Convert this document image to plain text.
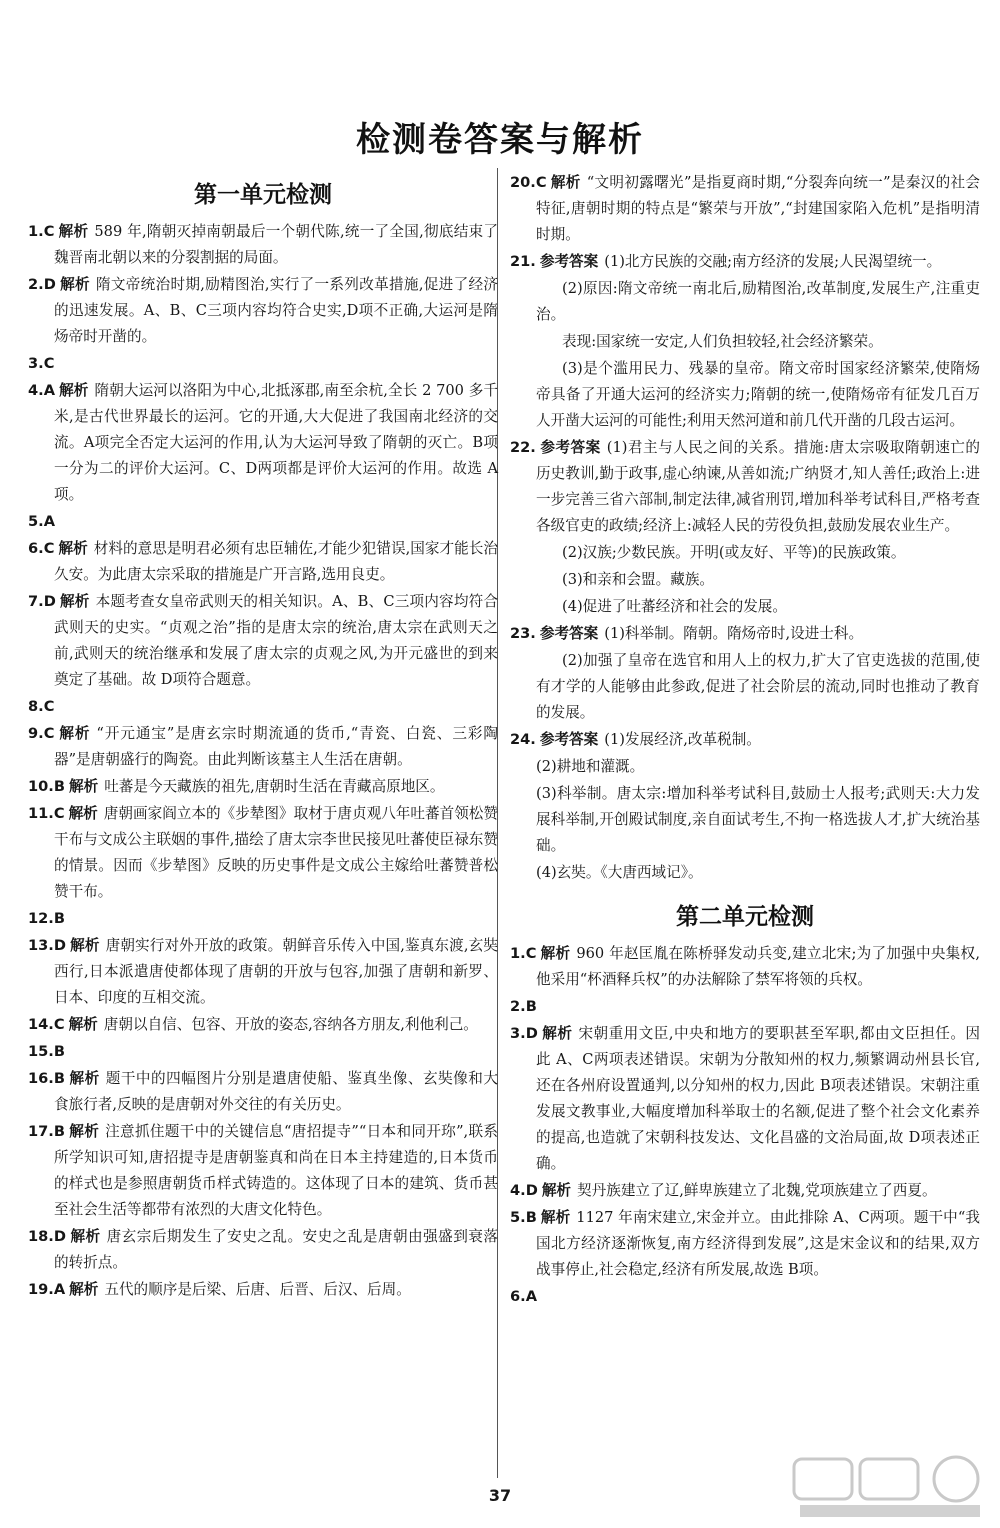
检测卷答案与解析
第一单元检测
1.C 解析 589 年,隋朝灭掉南朝最后一个朝代陈,统一了全国,彻底结束了魏晋南北朝以来的分裂割据的局面。
2.D 解析 隋文帝统治时期,励精图治,实行了一系列改革措施,促进了经济的迅速发展。A、B、C三项内容均符合史实,D项不正确,大运河是隋炀帝时开凿的。
3.C
4.A 解析 隋朝大运河以洛阳为中心,北抵涿郡,南至余杭,全长 2 700 多千米,是古代世界最长的运河。它的开通,大大促进了我国南北经济的交流。A项完全否定大运河的作用,认为大运河导致了隋朝的灭亡。B项一分为二的评价大运河。C、D两项都是评价大运河的作用。故选 A项。
5.A
6.C 解析 材料的意思是明君必须有忠臣辅佐,才能少犯错误,国家才能长治久安。为此唐太宗采取的措施是广开言路,选用良吏。
7.D 解析 本题考查女皇帝武则天的相关知识。A、B、C三项内容均符合武则天的史实。“贞观之治”指的是唐太宗的统治,唐太宗在武则天之前,武则天的统治继承和发展了唐太宗的贞观之风,为开元盛世的到来奠定了基础。故 D项符合题意。
8.C
9.C 解析 “开元通宝”是唐玄宗时期流通的货币,“青瓷、白瓷、三彩陶器”是唐朝盛行的陶瓷。由此判断该墓主人生活在唐朝。
10.B 解析 吐蕃是今天藏族的祖先,唐朝时生活在青藏高原地区。
11.C 解析 唐朝画家阎立本的《步辇图》取材于唐贞观八年吐蕃首领松赞干布与文成公主联姻的事件,描绘了唐太宗李世民接见吐蕃使臣禄东赞的情景。因而《步辇图》反映的历史事件是文成公主嫁给吐蕃赞普松赞干布。
12.B
13.D 解析 唐朝实行对外开放的政策。朝鲜音乐传入中国,鉴真东渡,玄奘西行,日本派遣唐使都体现了唐朝的开放与包容,加强了唐朝和新罗、日本、印度的互相交流。
14.C 解析 唐朝以自信、包容、开放的姿态,容纳各方朋友,利他利己。
15.B
16.B 解析 题干中的四幅图片分别是遣唐使船、鉴真坐像、玄奘像和大食旅行者,反映的是唐朝对外交往的有关历史。
17.B 解析 注意抓住题干中的关键信息“唐招提寺”“日本和同开珎”,联系所学知识可知,唐招提寺是唐朝鉴真和尚在日本主持建造的,日本货币的样式也是参照唐朝货币样式铸造的。这体现了日本的建筑、货币甚至社会生活等都带有浓烈的大唐文化特色。
18.D 解析 唐玄宗后期发生了安史之乱。安史之乱是唐朝由强盛到衰落的转折点。
19.A 解析 五代的顺序是后梁、后唐、后晋、后汉、后周。
20.C 解析 “文明初露曙光”是指夏商时期,“分裂奔向统一”是秦汉的社会特征,唐朝时期的特点是“繁荣与开放”,“封建国家陷入危机”是指明清时期。
21. 参考答案 (1)北方民族的交融;南方经济的发展;人民渴望统一。
(2)原因:隋文帝统一南北后,励精图治,改革制度,发展生产,注重吏治。
表现:国家统一安定,人们负担较轻,社会经济繁荣。
(3)是个滥用民力、残暴的皇帝。隋文帝时国家经济繁荣,使隋炀帝具备了开通大运河的经济实力;隋朝的统一,使隋炀帝有征发几百万人开凿大运河的可能性;利用天然河道和前几代开凿的几段古运河。
22. 参考答案 (1)君主与人民之间的关系。措施:唐太宗吸取隋朝速亡的历史教训,勤于政事,虚心纳谏,从善如流;广纳贤才,知人善任;政治上:进一步完善三省六部制,制定法律,减省刑罚,增加科举考试科目,严格考查各级官吏的政绩;经济上:减轻人民的劳役负担,鼓励发展农业生产。
(2)汉族;少数民族。开明(或友好、平等)的民族政策。
(3)和亲和会盟。藏族。
(4)促进了吐蕃经济和社会的发展。
23. 参考答案 (1)科举制。隋朝。隋炀帝时,设进士科。
(2)加强了皇帝在选官和用人上的权力,扩大了官吏选拔的范围,使有才学的人能够由此参政,促进了社会阶层的流动,同时也推动了教育的发展。
24. 参考答案 (1)发展经济,改革税制。
(2)耕地和灌溉。
(3)科举制。唐太宗:增加科举考试科目,鼓励士人报考;武则天:大力发展科举制,开创殿试制度,亲自面试考生,不拘一格选拔人才,扩大统治基础。
(4)玄奘。《大唐西域记》。
第二单元检测
1.C 解析 960 年赵匡胤在陈桥驿发动兵变,建立北宋;为了加强中央集权,他采用“杯酒释兵权”的办法解除了禁军将领的兵权。
2.B
3.D 解析 宋朝重用文臣,中央和地方的要职甚至军职,都由文臣担任。因此 A、C两项表述错误。宋朝为分散知州的权力,频繁调动州县长官,还在各州府设置通判,以分知州的权力,因此 B项表述错误。宋朝注重发展文教事业,大幅度增加科举取士的名额,促进了整个社会文化素养的提高,也造就了宋朝科技发达、文化昌盛的文治局面,故 D项表述正确。
4.D 解析 契丹族建立了辽,鲜卑族建立了北魏,党项族建立了西夏。
5.B 解析 1127 年南宋建立,宋金并立。由此排除 A、C两项。题干中“我国北方经济逐渐恢复,南方经济得到发展”,这是宋金议和的结果,双方战事停止,社会稳定,经济有所发展,故选 B项。
6.A
37
